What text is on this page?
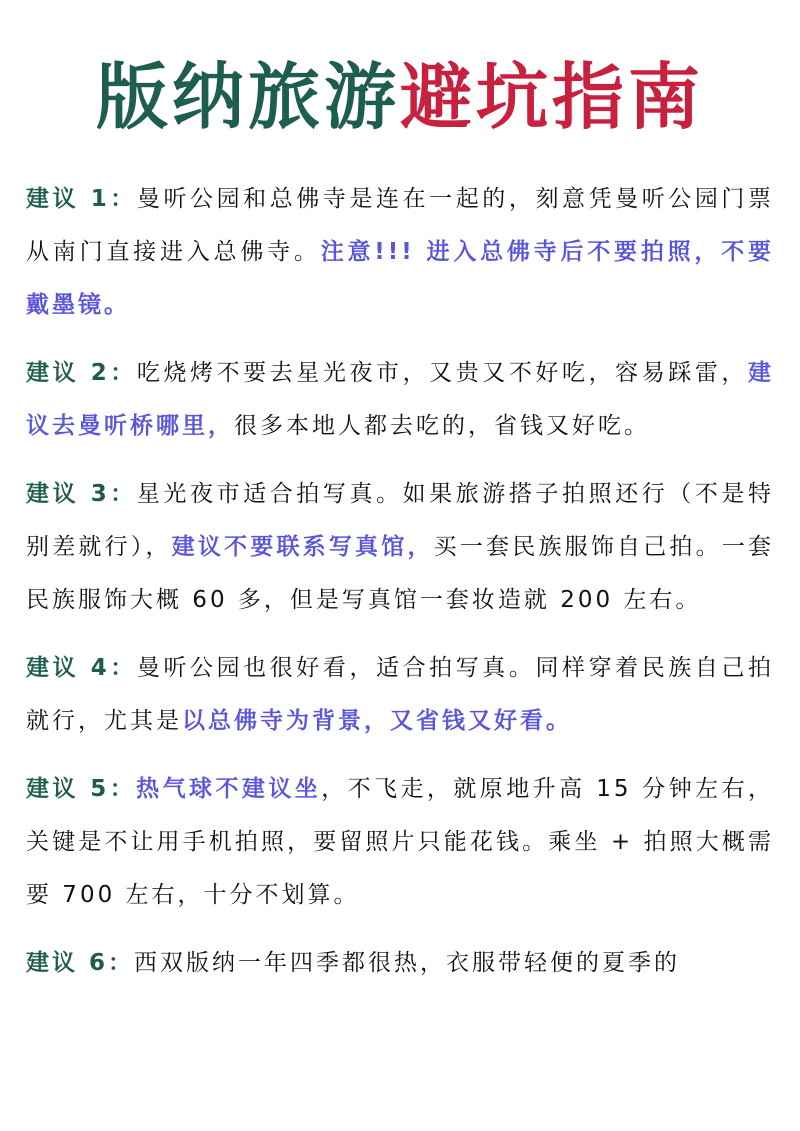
版纳旅游避坑指南

建议 1：曼听公园和总佛寺是连在一起的，刻意凭曼听公园门票从南门直接进入总佛寺。注意!!! 进入总佛寺后不要拍照，不要戴墨镜。

建议 2：吃烧烤不要去星光夜市，又贵又不好吃，容易踩雷，建议去曼听桥哪里，很多本地人都去吃的，省钱又好吃。

建议 3：星光夜市适合拍写真。如果旅游搭子拍照还行（不是特别差就行），建议不要联系写真馆，买一套民族服饰自己拍。一套民族服饰大概 60 多，但是写真馆一套妆造就 200 左右。

建议 4：曼听公园也很好看，适合拍写真。同样穿着民族自己拍就行，尤其是以总佛寺为背景，又省钱又好看。

建议 5：热气球不建议坐，不飞走，就原地升高 15 分钟左右，关键是不让用手机拍照，要留照片只能花钱。乘坐 + 拍照大概需要 700 左右，十分不划算。

建议 6：西双版纳一年四季都很热，衣服带轻便的夏季的
